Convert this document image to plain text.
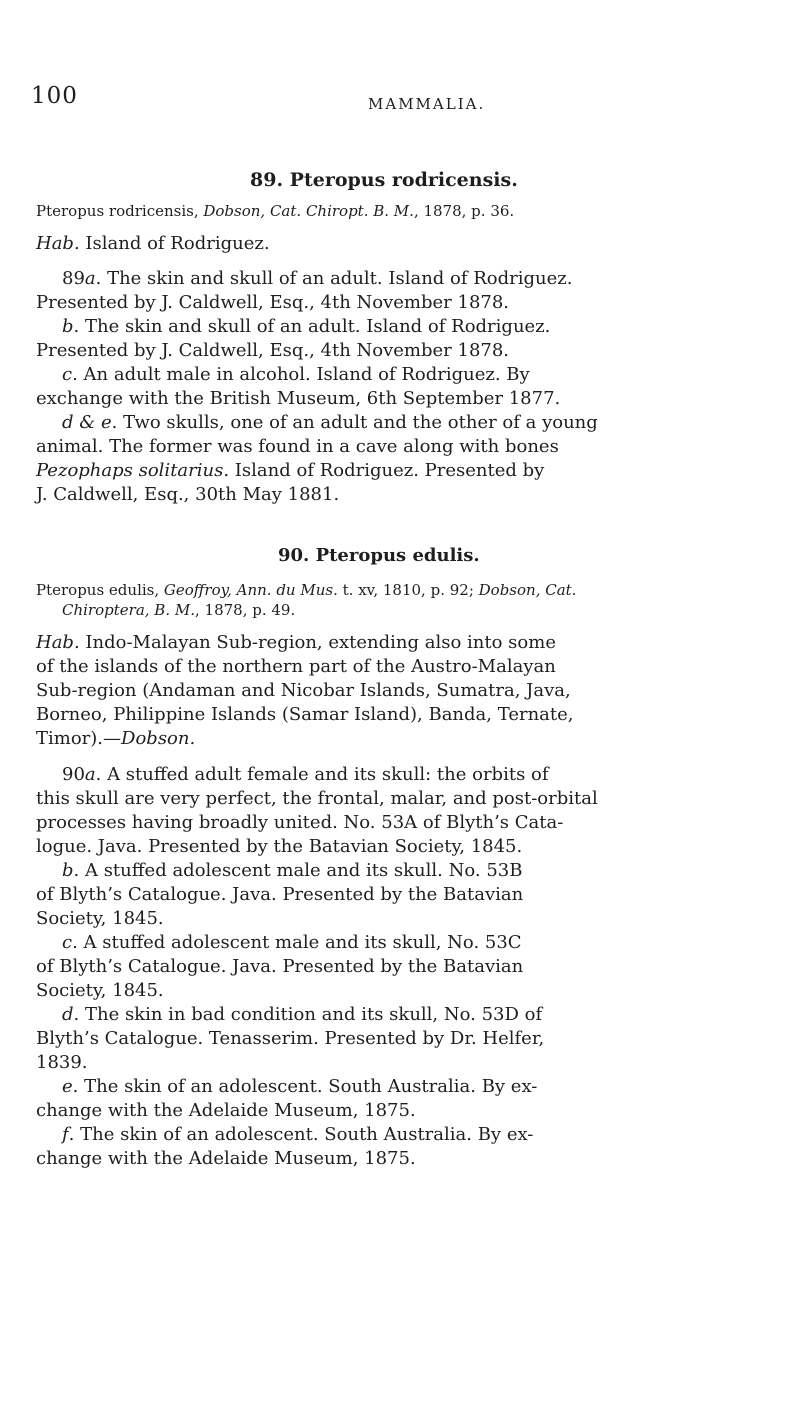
100	MAMMALIA.
89. Pteropus rodricensis.
Pteropus rodricensis, Dobson, Cat. Chiropt. B. M., 1878, p. 36.
Hab. Island of Rodriguez.
89a. The skin and skull of an adult. Island of Rodriguez.
Presented by J. Caldwell, Esq., 4th November 1878.
b. The skin and skull of an adult. Island of Rodriguez.
Presented by J. Caldwell, Esq., 4th November 1878.
c. An adult male in alcohol. Island of Rodriguez. By
exchange with the British Museum, 6th September 1877.
d & e. Two skulls, one of an adult and the other of a young
animal. The former was found in a cave along with bones
Pezophaps solitarius. Island of Rodriguez. Presented by
J. Caldwell, Esq., 30th May 1881.
90. Pteropus edulis.
Pteropus edulis, Geoffroy, Ann. du Mus. t. xv, 1810, p. 92; Dobson, Cat.
Chiroptera, B. M., 1878, p. 49.
Hab. Indo-Malayan Sub-region, extending also into some
of the islands of the northern part of the Austro-Malayan
Sub-region (Andaman and Nicobar Islands, Sumatra, Java,
Borneo, Philippine Islands (Samar Island), Banda, Ternate,
Timor).—Dobson.
90a. A stuffed adult female and its skull: the orbits of
this skull are very perfect, the frontal, malar, and post-orbital
processes having broadly united. No. 53A of Blyth’s Cata-
logue. Java. Presented by the Batavian Society, 1845.
b. A stuffed adolescent male and its skull. No. 53B
of Blyth’s Catalogue. Java. Presented by the Batavian
Society, 1845.
c. A stuffed adolescent male and its skull, No. 53C
of Blyth’s Catalogue. Java. Presented by the Batavian
Society, 1845.
d. The skin in bad condition and its skull, No. 53D of
Blyth’s Catalogue. Tenasserim. Presented by Dr. Helfer,
1839.
e. The skin of an adolescent. South Australia. By ex-
change with the Adelaide Museum, 1875.
f. The skin of an adolescent. South Australia. By ex-
change with the Adelaide Museum, 1875.
